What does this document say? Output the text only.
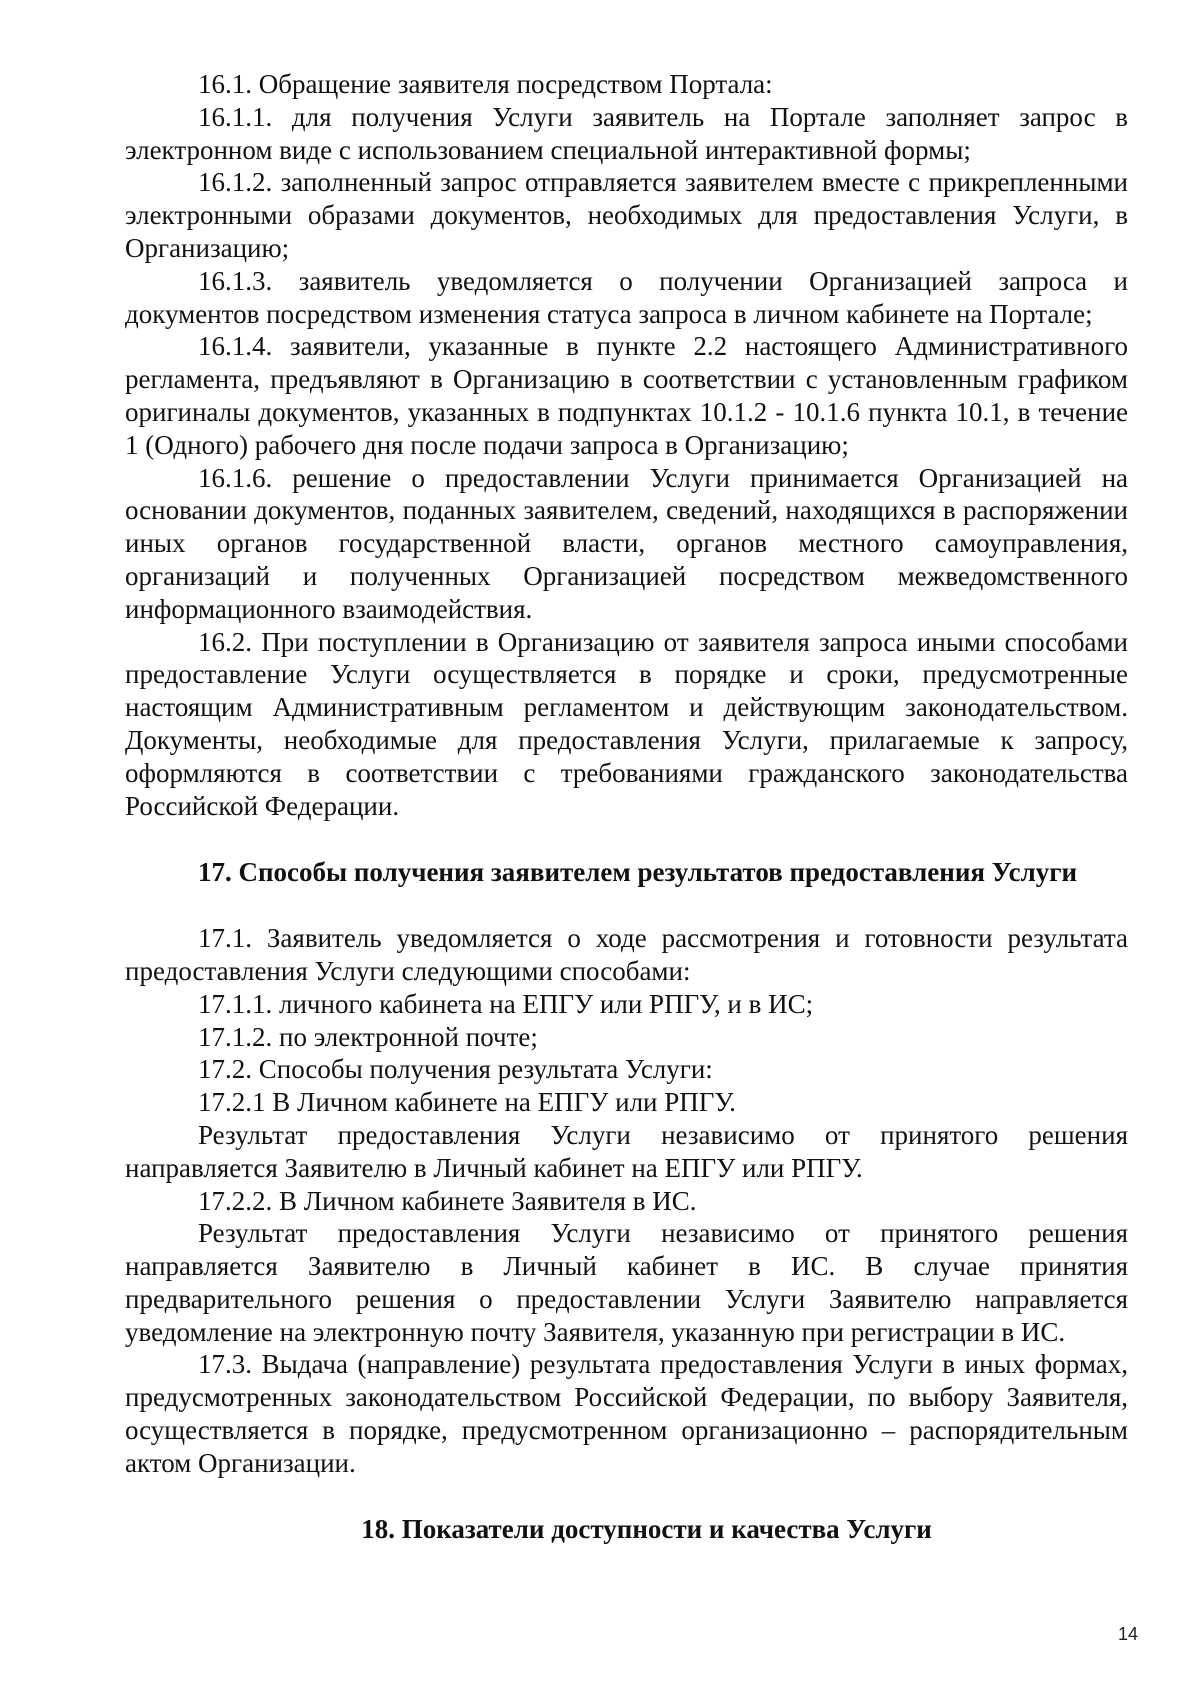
16.1. Обращение заявителя посредством Портала:

16.1.1. для получения Услуги заявитель на Портале заполняет запрос в электронном виде с использованием специальной интерактивной формы;

16.1.2. заполненный запрос отправляется заявителем вместе с прикрепленными электронными образами документов, необходимых для предоставления Услуги, в Организацию;

16.1.3. заявитель уведомляется о получении Организацией запроса и документов посредством изменения статуса запроса в личном кабинете на Портале;

16.1.4. заявители, указанные в пункте 2.2 настоящего Административного регламента, предъявляют в Организацию в соответствии с установленным графиком оригиналы документов, указанных в подпунктах 10.1.2 - 10.1.6 пункта 10.1, в течение 1 (Одного) рабочего дня после подачи запроса в Организацию;

16.1.6. решение о предоставлении Услуги принимается Организацией на основании документов, поданных заявителем, сведений, находящихся в распоряжении иных органов государственной власти, органов местного самоуправления, организаций и полученных Организацией посредством межведомственного информационного взаимодействия.

16.2. При поступлении в Организацию от заявителя запроса иными способами предоставление Услуги осуществляется в порядке и сроки, предусмотренные настоящим Административным регламентом и действующим законодательством. Документы, необходимые для предоставления Услуги, прилагаемые к запросу, оформляются в соответствии с требованиями гражданского законодательства Российской Федерации.

17. Способы получения заявителем результатов предоставления Услуги

17.1. Заявитель уведомляется о ходе рассмотрения и готовности результата предоставления Услуги следующими способами:

17.1.1. личного кабинета на ЕПГУ или РПГУ, и в ИС;

17.1.2. по электронной почте;

17.2. Способы получения результата Услуги:

17.2.1 В Личном кабинете на ЕПГУ или РПГУ.

Результат предоставления Услуги независимо от принятого решения направляется Заявителю в Личный кабинет на ЕПГУ или РПГУ.

17.2.2. В Личном кабинете Заявителя в ИС.

Результат предоставления Услуги независимо от принятого решения направляется Заявителю в Личный кабинет в ИС. В случае принятия предварительного решения о предоставлении Услуги Заявителю направляется уведомление на электронную почту Заявителя, указанную при регистрации в ИС.

17.3. Выдача (направление) результата предоставления Услуги в иных формах, предусмотренных законодательством Российской Федерации, по выбору Заявителя, осуществляется в порядке, предусмотренном организационно – распорядительным актом Организации.

18. Показатели доступности и качества Услуги
14
